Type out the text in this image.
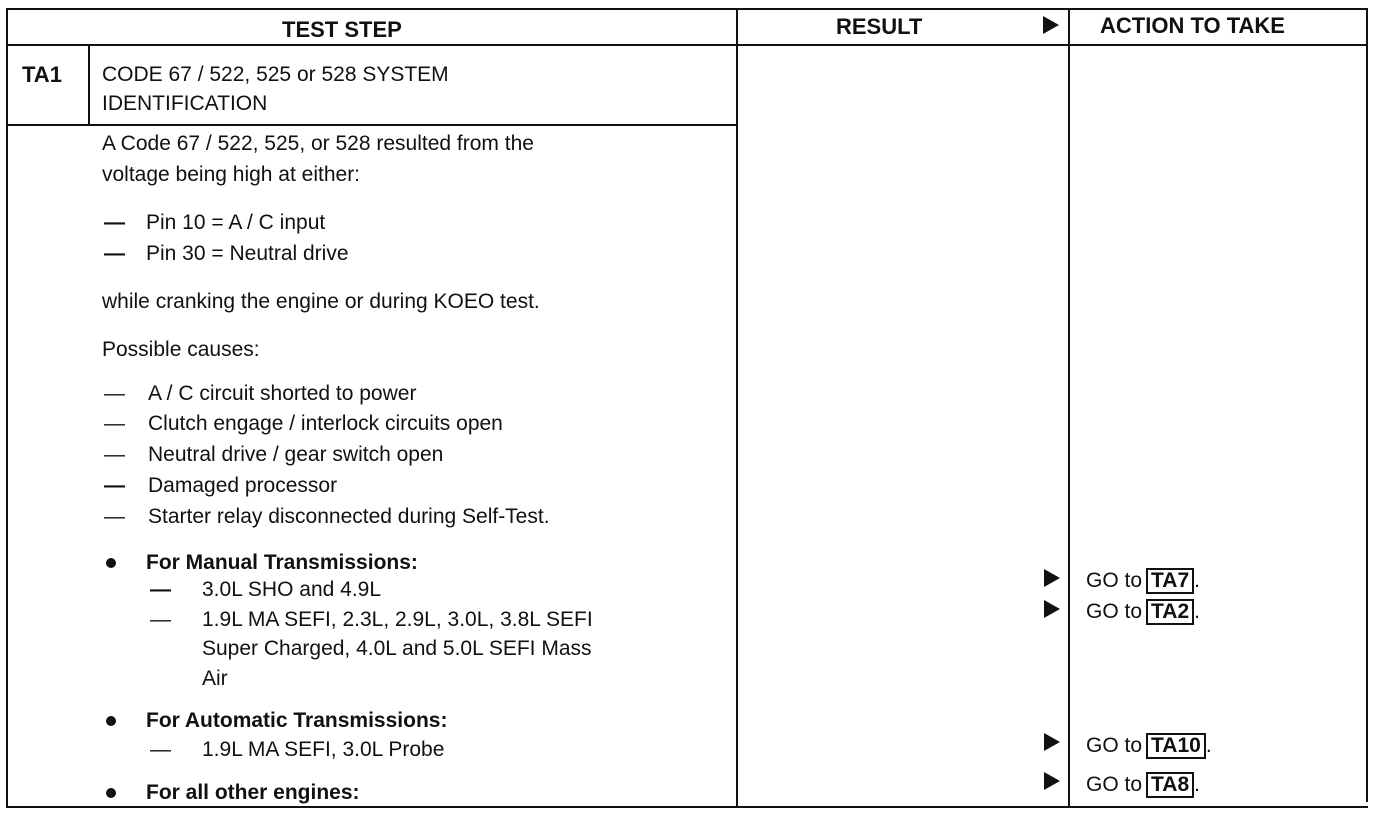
TEST STEP	RESULT	ACTION TO TAKE
TA1 CODE 67 / 522, 525 or 528 SYSTEM
IDENTIFICATION
A Code 67 / 522, 525, or 528 resulted from the
voltage being high at either:
— Pin 10 = A / C input
— Pin 30 = Neutral drive
while cranking the engine or during KOEO test.
Possible causes:
— A / C circuit shorted to power
— Clutch engage / interlock circuits open
— Neutral drive / gear switch open
— Damaged processor
— Starter relay disconnected during Self-Test.
For Manual Transmissions:
— 3.0L SHO and 4.9L
— 1.9L MA SEFI, 2.3L, 2.9L, 3.0L, 3.8L SEFI
Super Charged, 4.0L and 5.0L SEFI Mass
Air
For Automatic Transmissions:
— 1.9L MA SEFI, 3.0L Probe
For all other engines:
GO to TA7 .
GO to TA2 .
GO to TA10 .
GO to TA8 .
